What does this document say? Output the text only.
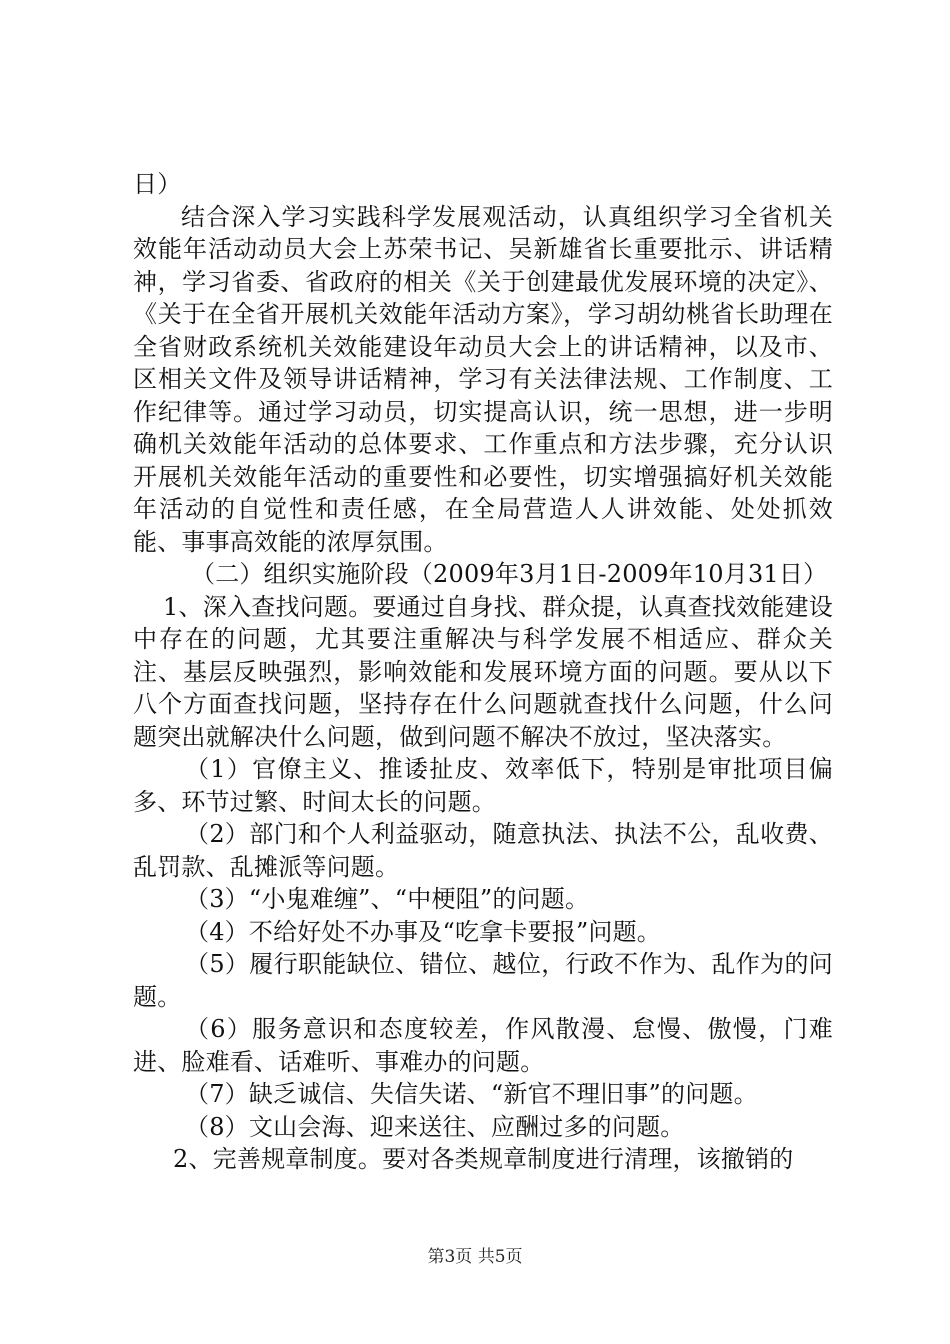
日）

结合深入学习实践科学发展观活动，认真组织学习全省机关效能年活动动员大会上苏荣书记、吴新雄省长重要批示、讲话精神，学习省委、省政府的相关《关于创建最优发展环境的决定》、《关于在全省开展机关效能年活动方案》，学习胡幼桃省长助理在全省财政系统机关效能建设年动员大会上的讲话精神，以及市、区相关文件及领导讲话精神，学习有关法律法规、工作制度、工作纪律等。通过学习动员，切实提高认识，统一思想，进一步明确机关效能年活动的总体要求、工作重点和方法步骤，充分认识开展机关效能年活动的重要性和必要性，切实增强搞好机关效能年活动的自觉性和责任感，在全局营造人人讲效能、处处抓效能、事事高效能的浓厚氛围。

（二）组织实施阶段（2009年3月1日-2009年10月31日）

1、深入查找问题。要通过自身找、群众提，认真查找效能建设中存在的问题，尤其要注重解决与科学发展不相适应、群众关注、基层反映强烈，影响效能和发展环境方面的问题。要从以下八个方面查找问题，坚持存在什么问题就查找什么问题，什么问题突出就解决什么问题，做到问题不解决不放过，坚决落实。

（1）官僚主义、推诿扯皮、效率低下，特别是审批项目偏多、环节过繁、时间太长的问题。

（2）部门和个人利益驱动，随意执法、执法不公，乱收费、乱罚款、乱摊派等问题。

（3）“小鬼难缠”、“中梗阻”的问题。

（4）不给好处不办事及“吃拿卡要报”问题。

（5）履行职能缺位、错位、越位，行政不作为、乱作为的问题。

（6）服务意识和态度较差，作风散漫、怠慢、傲慢，门难进、脸难看、话难听、事难办的问题。

（7）缺乏诚信、失信失诺、“新官不理旧事”的问题。

（8）文山会海、迎来送往、应酬过多的问题。

2、完善规章制度。要对各类规章制度进行清理，该撤销的

第3页 共5页
